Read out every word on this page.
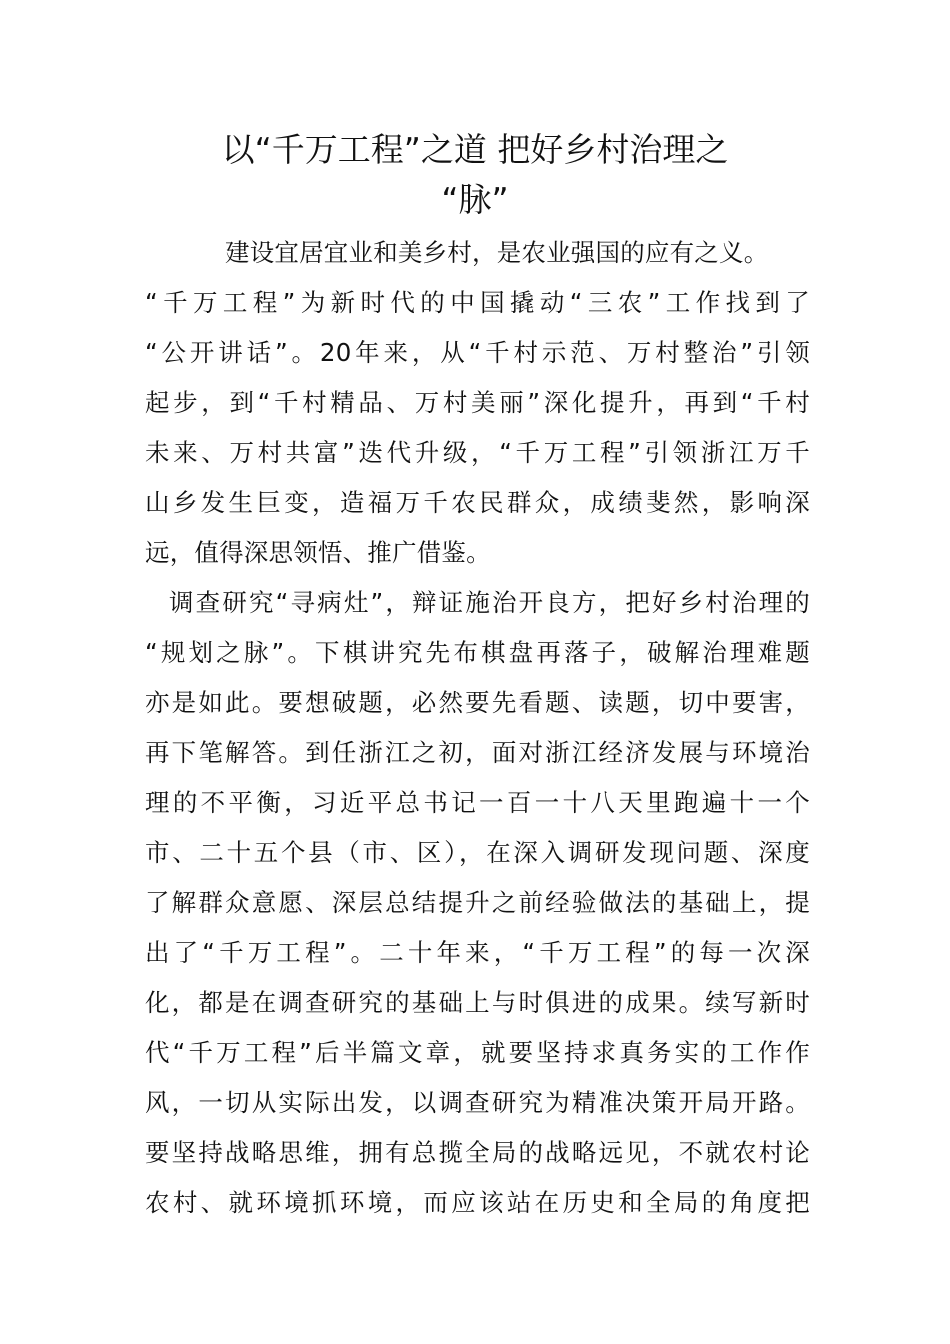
以“千万工程”之道 把好乡村治理之
“脉”
建设宜居宜业和美乡村，是农业强国的应有之义。
“千万工程”为新时代的中国撬动“三农”工作找到了
“公开讲话”。20年来，从“千村示范、万村整治”引领
起步，到“千村精品、万村美丽”深化提升，再到“千村
未来、万村共富”迭代升级，“千万工程”引领浙江万千
山乡发生巨变，造福万千农民群众，成绩斐然，影响深
远，值得深思领悟、推广借鉴。
调查研究“寻病灶”，辩证施治开良方，把好乡村治理的
“规划之脉”。下棋讲究先布棋盘再落子，破解治理难题
亦是如此。要想破题，必然要先看题、读题，切中要害，
再下笔解答。到任浙江之初，面对浙江经济发展与环境治
理的不平衡，习近平总书记一百一十八天里跑遍十一个
市、二十五个县（市、区），在深入调研发现问题、深度
了解群众意愿、深层总结提升之前经验做法的基础上，提
出了“千万工程”。二十年来，“千万工程”的每一次深
化，都是在调查研究的基础上与时俱进的成果。续写新时
代“千万工程”后半篇文章，就要坚持求真务实的工作作
风，一切从实际出发，以调查研究为精准决策开局开路。
要坚持战略思维，拥有总揽全局的战略远见，不就农村论
农村、就环境抓环境，而应该站在历史和全局的角度把
